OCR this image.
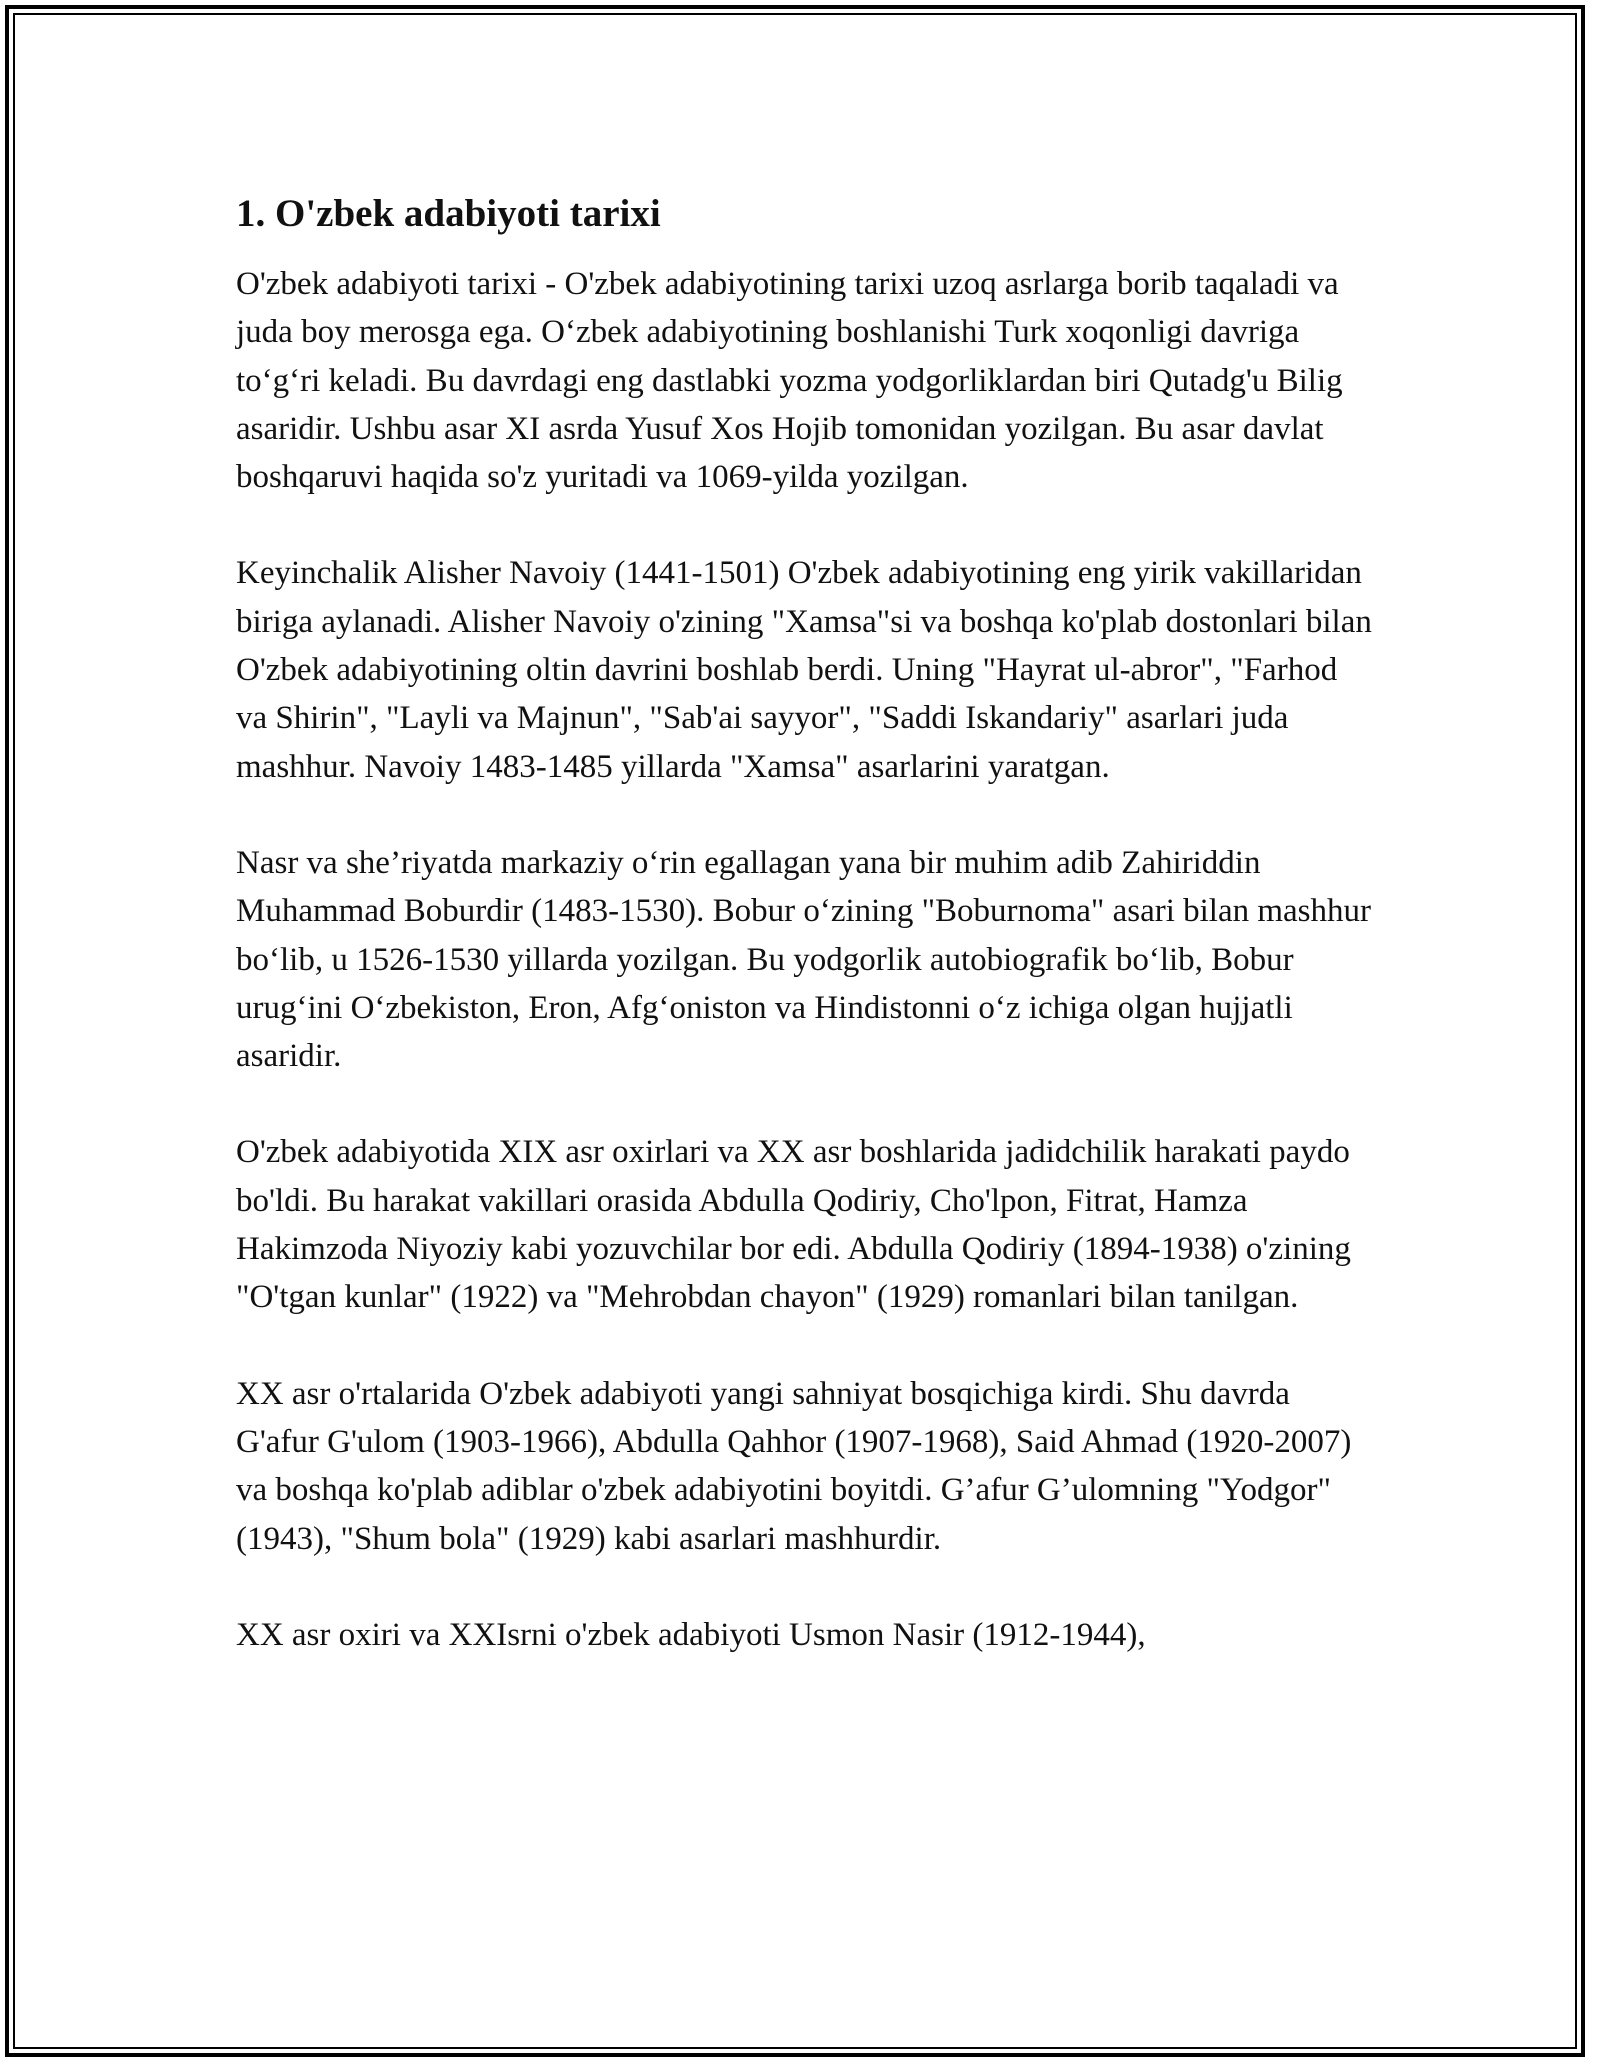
1. O'zbek adabiyoti tarixi

O'zbek adabiyoti tarixi - O'zbek adabiyotining tarixi uzoq asrlarga borib taqaladi va juda boy merosga ega. O‘zbek adabiyotining boshlanishi Turk xoqonligi davriga to‘g‘ri keladi. Bu davrdagi eng dastlabki yozma yodgorliklardan biri Qutadg'u Bilig asaridir. Ushbu asar XI asrda Yusuf Xos Hojib tomonidan yozilgan. Bu asar davlat boshqaruvi haqida so'z yuritadi va 1069-yilda yozilgan.

Keyinchalik Alisher Navoiy (1441-1501) O'zbek adabiyotining eng yirik vakillaridan biriga aylanadi. Alisher Navoiy o'zining "Xamsa"si va boshqa ko'plab dostonlari bilan O'zbek adabiyotining oltin davrini boshlab berdi. Uning "Hayrat ul-abror", "Farhod va Shirin", "Layli va Majnun", "Sab'ai sayyor", "Saddi Iskandariy" asarlari juda mashhur. Navoiy 1483-1485 yillarda "Xamsa" asarlarini yaratgan.

Nasr va she’riyatda markaziy o‘rin egallagan yana bir muhim adib Zahiriddin Muhammad Boburdir (1483-1530). Bobur o‘zining "Boburnoma" asari bilan mashhur bo‘lib, u 1526-1530 yillarda yozilgan. Bu yodgorlik autobiografik bo‘lib, Bobur urug‘ini O‘zbekiston, Eron, Afg‘oniston va Hindistonni o‘z ichiga olgan hujjatli asaridir.

O'zbek adabiyotida XIX asr oxirlari va XX asr boshlarida jadidchilik harakati paydo bo'ldi. Bu harakat vakillari orasida Abdulla Qodiriy, Cho'lpon, Fitrat, Hamza Hakimzoda Niyoziy kabi yozuvchilar bor edi. Abdulla Qodiriy (1894-1938) o'zining "O'tgan kunlar" (1922) va "Mehrobdan chayon" (1929) romanlari bilan tanilgan.

XX asr o'rtalarida O'zbek adabiyoti yangi sahniyat bosqichiga kirdi. Shu davrda G'afur G'ulom (1903-1966), Abdulla Qahhor (1907-1968), Said Ahmad (1920-2007) va boshqa ko'plab adiblar o'zbek adabiyotini boyitdi. G’afur G’ulomning "Yodgor" (1943), "Shum bola" (1929) kabi asarlari mashhurdir.

XX asr oxiri va XXIsrni o'zbek adabiyoti Usmon Nasir (1912-1944),
